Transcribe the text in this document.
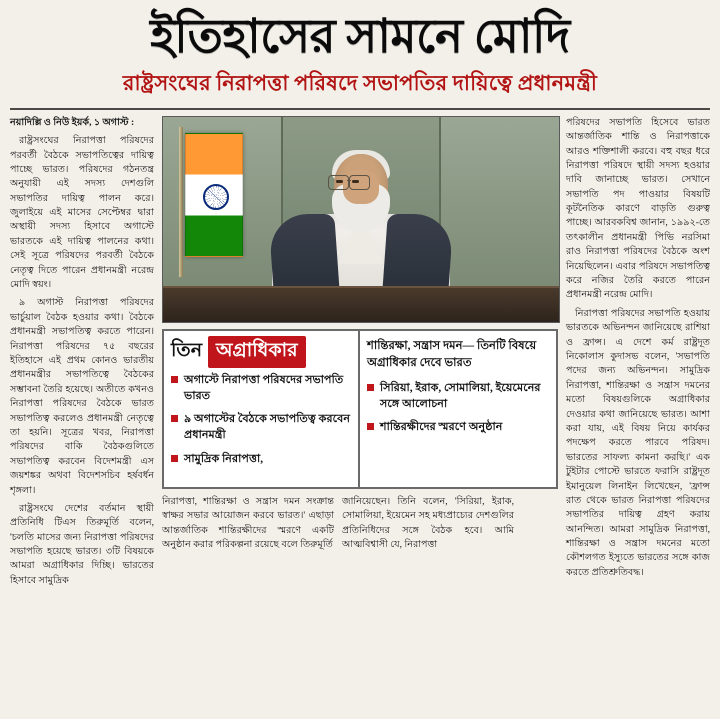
ইতিহাসের সামনে মোদি
রাষ্ট্রসংঘের নিরাপত্তা পরিষদে সভাপতির দায়িত্বে প্রধানমন্ত্রী

নয়াদিল্লি ও নিউ ইয়র্ক, ১ অগাস্ট :

রাষ্ট্রসংঘের নিরাপত্তা পরিষদের পরবর্তী বৈঠকে সভাপতিত্বের দায়িত্ব পাচ্ছে ভারত। পরিষদের গঠনতন্ত্র অনুযায়ী এই সদস্য দেশগুলি সভাপতির দায়িত্ব পালন করে। জুলাইয়ে এই মাসের সেপ্টেম্বর দ্বারা অস্থায়ী সদস্য হিসাবে অগাস্টে ভারতকে এই দায়িত্ব পালনের কথা। সেই সূত্রে পরিষদের পরবর্তী বৈঠকে নেতৃত্ব দিতে পারেন প্রধানমন্ত্রী নরেন্দ্র মোদি স্বয়ং।

৯ অগাস্ট নিরাপত্তা পরিষদের ভার্চুয়াল বৈঠক হওয়ার কথা। বৈঠকে প্রধানমন্ত্রী সভাপতিত্ব করতে পারেন। নিরাপত্তা পরিষদের ৭৫ বছরের ইতিহাসে এই প্রথম কোনও ভারতীয় প্রধানমন্ত্রীর সভাপতিত্বে বৈঠকের সম্ভাবনা তৈরি হয়েছে। অতীতে কখনও নিরাপত্তা পরিষদের বৈঠকে ভারত সভাপতিত্ব করলেও প্রধানমন্ত্রী নেতৃত্বে তা হয়নি। সূত্রের খবর, নিরাপত্তা পরিষদের বাকি বৈঠকগুলিতে সভাপতিত্ব করবেন বিদেশমন্ত্রী এস জয়শঙ্কর অথবা বিদেশসচিব হর্ষবর্ধন শৃঙ্গলা।

রাষ্ট্রসংঘে দেশের বর্তমান স্থায়ী প্রতিনিধি টিএস তিরুমূর্তি বলেন, 'চলতি মাসের জন্য নিরাপত্তা পরিষদের সভাপতি হয়েছে ভারত। ৩টি বিষয়কে আমরা অগ্রাধিকার দিচ্ছি। ভারতের হিসাবে সামুদ্রিক

তিন অগ্রাধিকার
অগাস্টে নিরাপত্তা পরিষদের সভাপতি ভারত
৯ অগাস্টের বৈঠকে সভাপতিত্ব করবেন প্রধানমন্ত্রী
সামুদ্রিক নিরাপত্তা,
শান্তিরক্ষা, সন্ত্রাস দমন— তিনটি বিষয়ে অগ্রাধিকার দেবে ভারত
সিরিয়া, ইরাক, সোমালিয়া, ইয়েমেনের সঙ্গে আলোচনা
শান্তিরক্ষীদের স্মরণে অনুষ্ঠান

নিরাপত্তা, শান্তিরক্ষা ও সন্ত্রাস দমন সংক্রান্ত স্বাক্ষর সভার আয়োজন করবে ভারত।' এছাড়া আন্তর্জাতিক শান্তিরক্ষীদের স্মরণে একটি অনুষ্ঠান করার পরিকল্পনা রয়েছে বলে তিরুমূর্তি

জানিয়েছেন। তিনি বলেন, 'সিরিয়া, ইরাক, সোমালিয়া, ইয়েমেন সহ মধ্যপ্রাচ্যের দেশগুলির প্রতিনিধিদের সঙ্গে বৈঠক হবে। আমি আত্মবিশ্বাসী যে, নিরাপত্তা

পরিষদের সভাপতি হিসেবে ভারত আন্তর্জাতিক শান্তি ও নিরাপত্তাকে আরও শক্তিশালী করবে। বহু বছর ধরে নিরাপত্তা পরিষদে স্থায়ী সদস্য হওয়ার দাবি জানাচ্ছে ভারত। সেখানে সভাপতি পদ পাওয়ার বিষয়টি কূটনৈতিক কারণে বাড়তি গুরুত্ব পাচ্ছে। আরবকবিশ্ব জানান, ১৯৯২-তে তৎকালীন প্রধানমন্ত্রী পিভি নরসিমা রাও নিরাপত্তা পরিষদের বৈঠকে অংশ নিয়েছিলেন। এবার পরিষদে সভাপতিত্ব করে নজির তৈরি করতে পারেন প্রধানমন্ত্রী নরেন্দ্র মোদি।

নিরাপত্তা পরিষদের সভাপতি হওয়ায় ভারতকে অভিনন্দন জানিয়েছে রাশিয়া ও ফ্রান্স। এ দেশে কর্ম রাষ্ট্রদূত নিকোলাস কুদাসভ বলেন, 'সভাপতি পদের জন্য অভিনন্দন। সামুদ্রিক নিরাপত্তা, শান্তিরক্ষা ও সন্ত্রাস দমনের মতো বিষয়গুলিকে অগ্রাধিকার দেওয়ার কথা জানিয়েছে ভারত। আশা করা যায়, এই বিষয় নিয়ে কার্যকর পদক্ষেপ করতে পারবে পরিষদ। ভারতের সাফল্য কামনা করছি।' এক টুইটার পোস্টে ভারতে ফরাসি রাষ্ট্রদূত ইমানুয়েল লিনাইন লিখেছেন, 'ফ্রান্স রাত থেকে ভারত নিরাপত্তা পরিষদের সভাপতির দায়িত্ব গ্রহণ করায় আনন্দিত। আমরা সামুদ্রিক নিরাপত্তা, শান্তিরক্ষা ও সন্ত্রাস দমনের মতো কৌশলগত ইস্যুতে ভারতের সঙ্গে কাজ করতে প্রতিশ্রুতিবদ্ধ।
